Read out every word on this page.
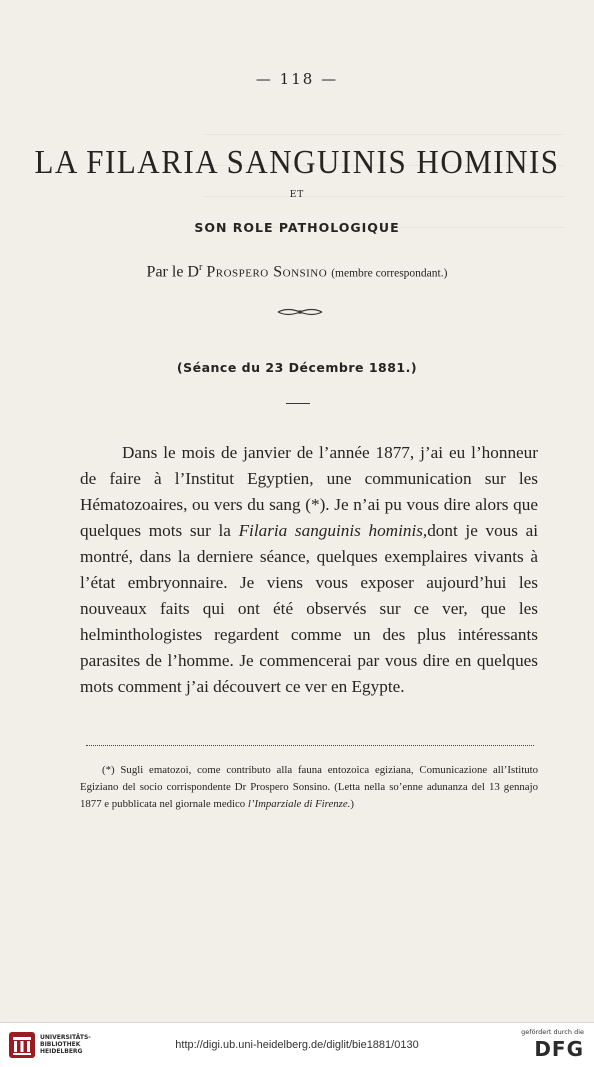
— 118 —
LA FILARIA SANGUINIS HOMINIS
ET
SON ROLE PATHOLOGIQUE
Par le $D^r$ Prospero Sonsino (membre correspondant.)
(Séance du 23 Décembre 1881.)

Dans le mois de janvier de l’année 1877, j’ai eu l’honneur de faire à l’Institut Egyptien, une communication sur les Hématozoaires, ou vers du sang (*). Je n’ai pu vous dire alors que quelques mots sur la Filaria sanguinis hominis,dont je vous ai montré, dans la derniere séance, quelques exemplaires vivants à l’état embryonnaire. Je viens vous exposer aujourd’hui les nouveaux faits qui ont été observés sur ce ver, que les helminthologistes regardent comme un des plus intéressants parasites de l’homme. Je commencerai par vous dire en quelques mots comment j’ai découvert ce ver en Egypte.

(*) Sugli ematozoi, come contributo alla fauna entozoica egiziana, Comunicazione all’Istituto Egiziano del socio corrispondente Dr Prospero Sonsino. (Letta nella so’enne adunanza del 13 gennajo 1877 e pubblicata nel giornale medico l’Imparziale di Firenze.)

UNIVERSITÄTS-
BIBLIOTHEK
HEIDELBERG
http://digi.ub.uni-heidelberg.de/diglit/bie1881/0130
gefördert durch die
DFG
